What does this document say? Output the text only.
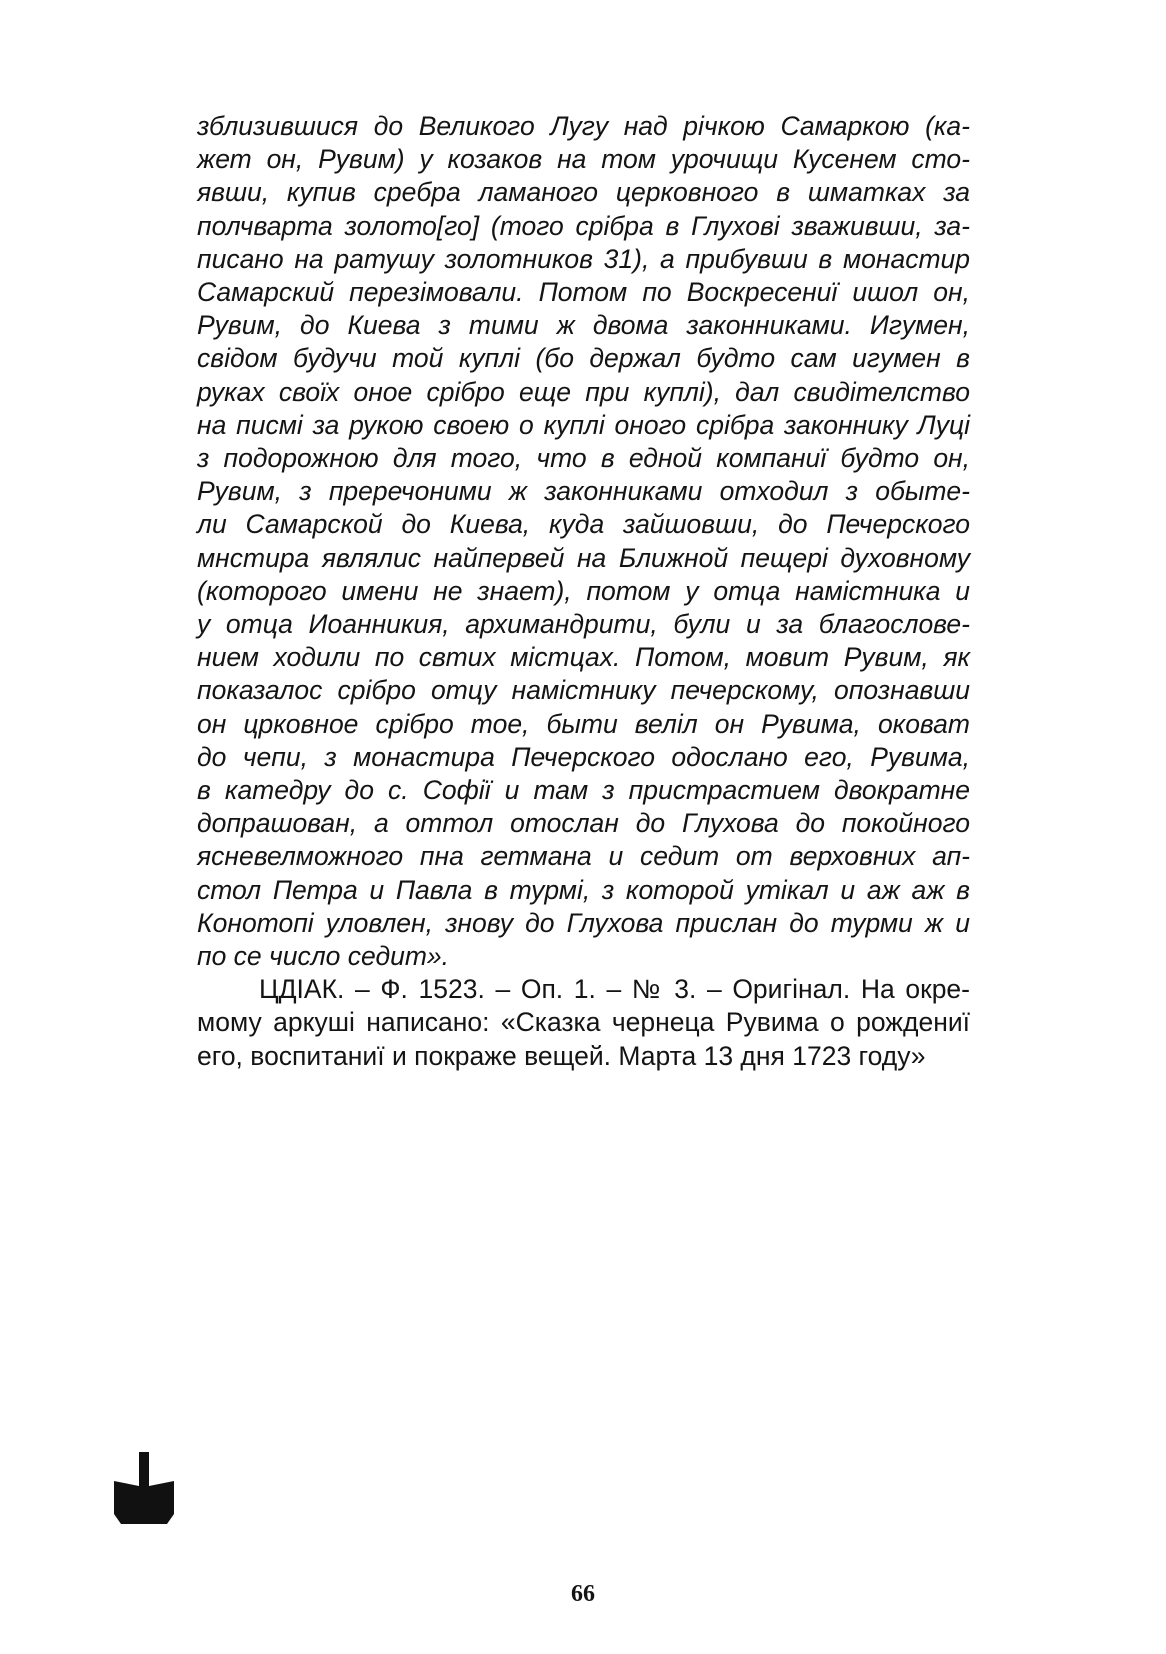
зблизившися до Великого Лугу над річкою Самаркою (ка-
жет он, Рувим) у козаков на том урочищи Кусенем сто-
явши, купив сребра ламаного церковного в шматках за
полчварта золото[го] (того срібра в Глухові зваживши, за-
писано на ратушу золотников 31), а прибувши в монастир
Самарский перезімовали. Потом по Воскресениї ишол он,
Рувим, до Киева з тими ж двома законниками. Игумен,
свідом будучи той куплі (бо держал будто сам игумен в
руках своїх оное срібро еще при куплі), дал свидітелство
на писмі за рукою своею о куплі оного срібра законнику Луці
з подорожною для того, что в едной компаниї будто он,
Рувим, з преречоними ж законниками отходил з обыте-
ли Самарской до Киева, куда зайшовши, до Печерского
мнстира являлис найпервей на Ближной пещері духовному
(которого имени не знает), потом у отца намістника и
у отца Иоанникия, архимандрити, були и за благослове-
нием ходили по свтих містцах. Потом, мовит Рувим, як
показалос срібро отцу намістнику печерскому, опознавши
он црковное срібро тое, быти веліл он Рувима, оковат
до чепи, з монастира Печерского одослано его, Рувима,
в катедру до с. Софії и там з пристрастием двократне
допрашован, а оттол отослан до Глухова до покойного
ясневелможного пна гетмана и седит от верховних ап-
стол Петра и Павла в турмі, з которой утікал и аж аж в
Конотопі уловлен, знову до Глухова прислан до турми ж и
по се число седит».
ЦДІАК. – Ф. 1523. – Оп. 1. – № 3. – Оригінал. На окре-
мому аркуші написано: «Сказка чернеца Рувима о рождениї
его, воспитаниї и покраже вещей. Марта 13 дня 1723 году»
66
